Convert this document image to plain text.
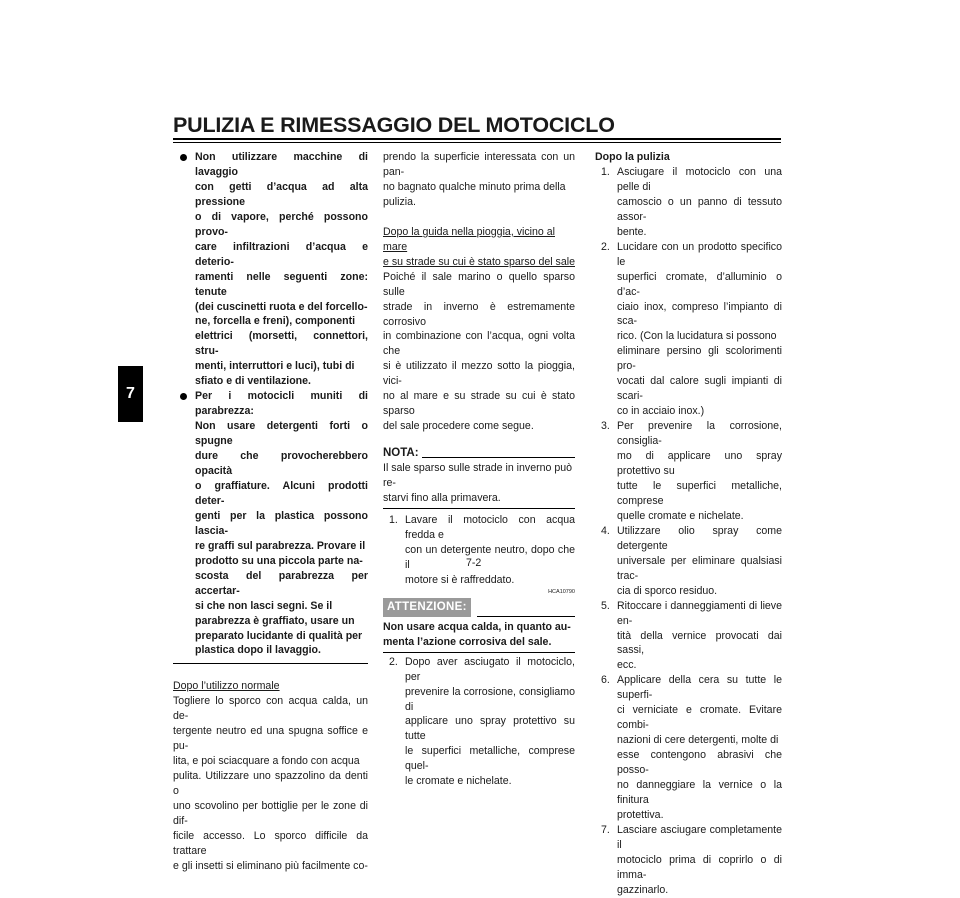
PULIZIA E RIMESSAGGIO DEL MOTOCICLO
7
Non utilizzare macchine di lavaggio
con getti d’acqua ad alta pressione
o di vapore, perché possono provo-
care infiltrazioni d’acqua e deterio-
ramenti nelle seguenti zone: tenute
(dei cuscinetti ruota e del forcello-
ne, forcella e freni), componenti
elettrici (morsetti, connettori, stru-
menti, interruttori e luci), tubi di
sfiato e di ventilazione.
Per i motocicli muniti di parabrezza:
Non usare detergenti forti o spugne
dure che provocherebbero opacità
o graffiature. Alcuni prodotti deter-
genti per la plastica possono lascia-
re graffi sul parabrezza. Provare il
prodotto su una piccola parte na-
scosta del parabrezza per accertar-
si che non lasci segni. Se il
parabrezza è graffiato, usare un
preparato lucidante di qualità per
plastica dopo il lavaggio.
Dopo l’utilizzo normale
Togliere lo sporco con acqua calda, un de-
tergente neutro ed una spugna soffice e pu-
lita, e poi sciacquare a fondo con acqua
pulita. Utilizzare uno spazzolino da denti o
uno scovolino per bottiglie per le zone di dif-
ficile accesso. Lo sporco difficile da trattare
e gli insetti si eliminano più facilmente co-
prendo la superficie interessata con un pan-
no bagnato qualche minuto prima della
pulizia.
Dopo la guida nella pioggia, vicino al mare
e su strade su cui è stato sparso del sale
Poiché il sale marino o quello sparso sulle
strade in inverno è estremamente corrosivo
in combinazione con l’acqua, ogni volta che
si è utilizzato il mezzo sotto la pioggia, vici-
no al mare e su strade su cui è stato sparso
del sale procedere come segue.
NOTA:
Il sale sparso sulle strade in inverno può re-
starvi fino alla primavera.
1. Lavare il motociclo con acqua fredda e
con un detergente neutro, dopo che il
motore si è raffreddato.
HCA10790
ATTENZIONE:
Non usare acqua calda, in quanto au-
menta l’azione corrosiva del sale.
2. Dopo aver asciugato il motociclo, per
prevenire la corrosione, consigliamo di
applicare uno spray protettivo su tutte
le superfici metalliche, comprese quel-
le cromate e nichelate.
Dopo la pulizia
1. Asciugare il motociclo con una pelle di
camoscio o un panno di tessuto assor-
bente.
2. Lucidare con un prodotto specifico le
superfici cromate, d’alluminio o d’ac-
ciaio inox, compreso l’impianto di sca-
rico. (Con la lucidatura si possono
eliminare persino gli scolorimenti pro-
vocati dal calore sugli impianti di scari-
co in acciaio inox.)
3. Per prevenire la corrosione, consiglia-
mo di applicare uno spray protettivo su
tutte le superfici metalliche, comprese
quelle cromate e nichelate.
4. Utilizzare olio spray come detergente
universale per eliminare qualsiasi trac-
cia di sporco residuo.
5. Ritoccare i danneggiamenti di lieve en-
tità della vernice provocati dai sassi,
ecc.
6. Applicare della cera su tutte le superfi-
ci verniciate e cromate. Evitare combi-
nazioni di cere detergenti, molte di
esse contengono abrasivi che posso-
no danneggiare la vernice o la finitura
protettiva.
7. Lasciare asciugare completamente il
motociclo prima di coprirlo o di imma-
gazzinarlo.
7-2
